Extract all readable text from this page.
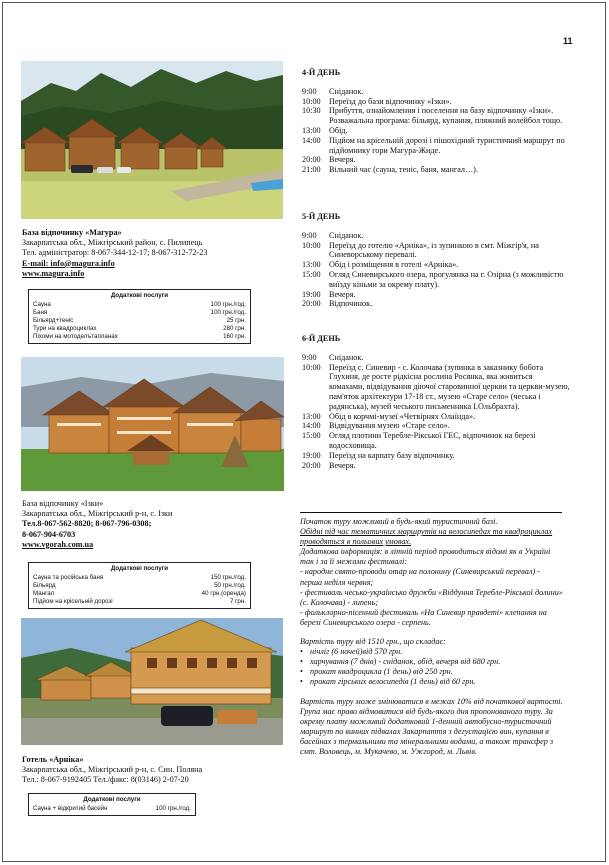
11
База відпочинку «Магура»
Закарпатська обл., Міжгірський район, с. Пилипець
Тел. адміністратор: 8-067-344-12-17; 8-067-312-72-23
E-mail: info@magura.info
www.magura.info
Додаткові послуги
Сауна	100 грн./год.
Баня	100 грн./год.
Більярд+теніс	25 грн.
Тури на квадроциклах	280 грн.
Піхоми на мотоделътапланах	160 грн.
База відпочинку «Ізки»
Закарпатська обл., Міжгірський р-н, с. Ізки
Тел.8-067-562-8820; 8-067-796-0308;
8-067-904-6703
www.vgorah.com.ua
Додаткові послуги
Сауна та російська баня	150 грн./год.
Більярд	50 грн./год.
Мангал	40 грн.(оренда)
Підйом на крісельній дорозі	7 грн.
Готель «Арніка»
Закарпатська обл., Міжгірський р-н, с. Син. Поляна
Тел.: 8-067-9192405 Тел./факс: 8(03146) 2-07-20
Додаткові послуги
Сауна + відкритий басейн	100 грн./год.
4-Й ДЕНЬ
9:00	Сніданок.
10:00	Переїзд до бази відпочинку «Ізки».
10:30	Прибуття, ознайомлення і поселення на базу відпочинку «Ізки». Розважальна програма: більярд, купання, пляжний волейбол тощо.
13:00	Обід.
14:00	Підйом на крісельній дорозі і пішохідний туристичний маршрут по підйомнику гори Магура-Жиде.
20:00	Вечеря.
21:00	Вільний час (сауна, теніс, баня, мангал…).
5-Й ДЕНЬ
9:00	Сніданок.
10:00	Переїзд до готелю «Арніка», із зупинкою в смт. Міжгір'я, на Синеворському перевалі.
13:00	Обід і розміщення в готелі «Арніка».
15:00	Огляд Синевирського озера, прогулянка на г. Озірна (з можливістю виїзду кіньми за окрему плату).
19:00	Вечеря.
20:00	Відпочинок.
6-Й ДЕНЬ
9:00	Сніданок.
10:00	Переїзд с. Синевир - с. Колочава (зупинка в заказнику бобота Глухиня, де росте рідкісна рослина Росянка, яка живиться комахами, відвідування діючої старовинної церкви та церкви-музею, пам'яток архітектури 17-18 ст., музею «Старе село» (чеська і радянська), музей чеського письменника І.Ольбрахта).
13:00	Обід в корчмі-музеї «Четвірнях Олаїнда».
14:00	Відвідування музею «Старе село».
15:00	Огляд плотини Теребле-Рікської ГЕС, відпочинок на березі водосховища.
19:00	Переїзд на карпату базу відпочинку.
20:00	Вечеря.

Початок туру можливий в будь-який туристичний базі.

Обідні під час тематичних маршрутів на велосипедах та квадроциклах проводяться в польових умовах.

Додаткова інформація: в літній період проводиться відомі як в Україні так і за її межами фестивалі:

- народне свято-проводи отар на полонину (Синевирський перевал) - перша неділя червня;

- фестиваль чесько-українсько дружби «Віддуння Теребле-Рікської долини» (с. Колочава) - липень;

- фольклорно-пісенний фестиваль «На Синевир правдеті» клепання на березі Синевирського озера - серпень.

Вартість туру від 1510 грн., що складає:

• нічліг (6 ночей)від 570 грн.
• харчування (7 днів) - сніданок, обід, вечеря від 680 грн.
• прокат квадроцикла (1 день) від 250 грн.
• прокат гірських велосипедів (1 день) від 60 грн.

Вартість туру може змінюватися в межах 10% від початкової вартості. Група має право відмовитися від будь-якого дня пропонованого туру. За окрему плату можливий додатковий 1-денний автобусно-туристичний маршрут по винних підвалах Закарпаття з дегустацією вин, купання в басейнах з термальними та мінеральними водами, а також трансфер з смт. Воловець, м. Мукачево, м. Ужгород, м. Львів.
